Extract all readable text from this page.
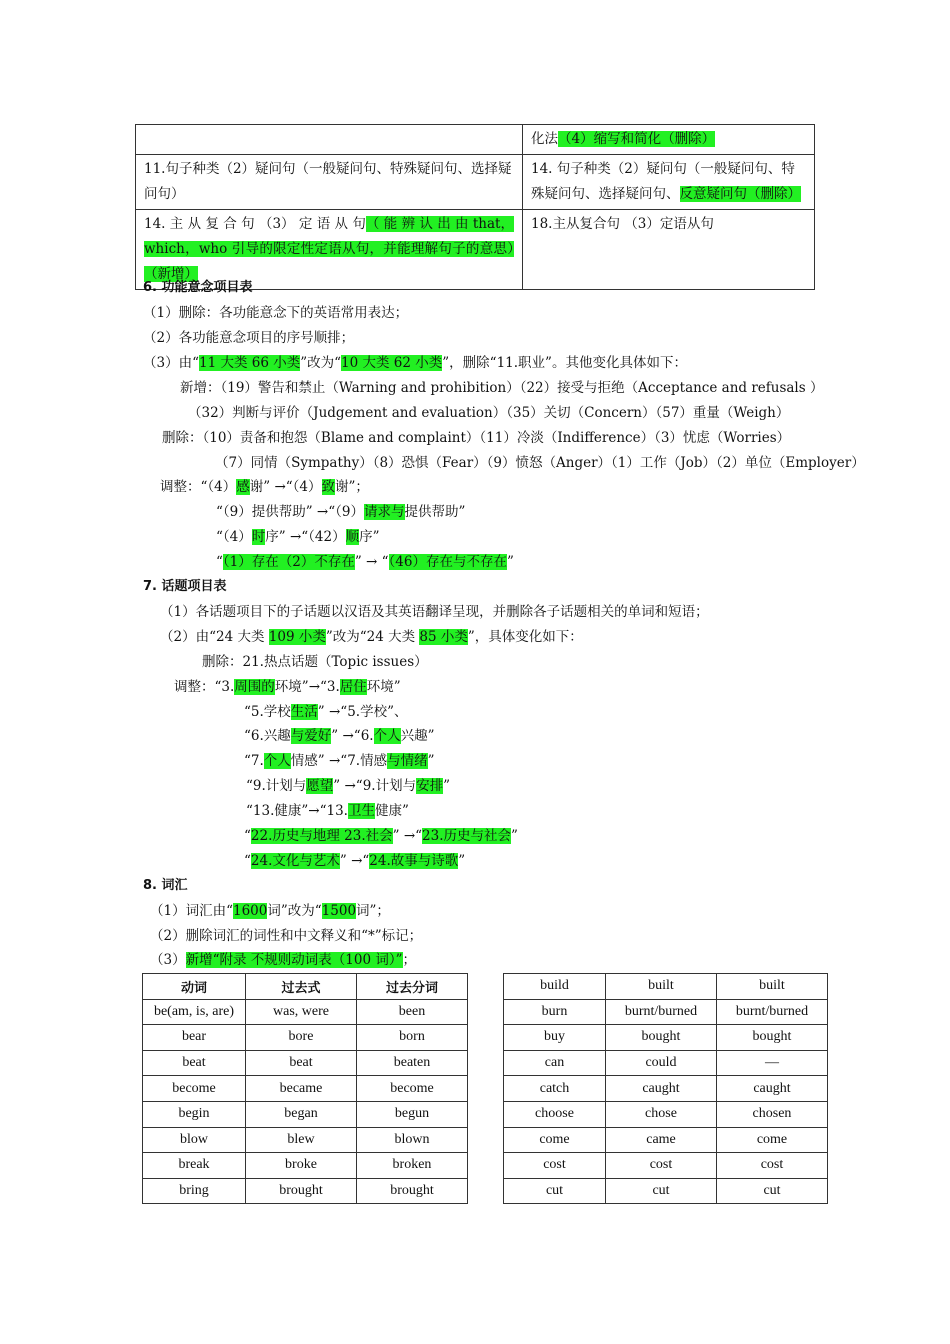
	化法（4）缩写和简化（删除）
11.句子种类（2）疑问句（一般疑问句、特殊疑问句、选择疑问句）	14. 句子种类（2）疑问句（一般疑问句、特殊疑问句、选择疑问句、反意疑问句（删除）
14. 主 从 复 合 句 （3） 定 语 从 句（ 能 辨 认 出 由 that，which，who 引导的限定性定语从句，并能理解句子的意思）（新增）	18.主从复合句 （3）定语从句
6. 功能意念项目表
（1）删除：各功能意念下的英语常用表达；
（2）各功能意念项目的序号顺排；
（3）由“11 大类 66 小类”改为“10 大类 62 小类”，删除“11.职业”。其他变化具体如下：
新增：（19）警告和禁止（Warning and prohibition）（22）接受与拒绝（Acceptance and refusals ）
（32）判断与评价（Judgement and evaluation）（35）关切（Concern）（57）重量（Weigh）
删除：（10）责备和抱怨（Blame and complaint）（11）冷淡（Indifference）（3）忧虑（Worries）
（7）同情（Sympathy）（8）恐惧（Fear）（9）愤怒（Anger）（1）工作（Job）（2）单位（Employer）
调整：“（4）感谢” →“（4）致谢”；
“（9）提供帮助” →“（9）请求与提供帮助”
“（4）时序” →“（42）顺序”
“（1）存在（2）不存在” → “（46）存在与不存在”
7. 话题项目表
（1）各话题项目下的子话题以汉语及其英语翻译呈现，并删除各子话题相关的单词和短语；
（2）由“24 大类 109 小类”改为“24 大类 85 小类”，具体变化如下：
删除：21.热点话题（Topic issues）
调整：“3.周围的环境”→“3.居住环境”
“5.学校生活” →“5.学校”、
“6.兴趣与爱好” →“6.个人兴趣”
“7.个人情感” →“7.情感与情绪”
“9.计划与愿望” →“9.计划与安排”
“13.健康”→“13.卫生健康”
“22.历史与地理 23.社会” →“23.历史与社会”
“24.文化与艺术” →“24.故事与诗歌”
8. 词汇
（1）词汇由“1600词”改为“1500词”；
（2）删除词汇的词性和中文释义和“*”标记；
（3）新增“附录 不规则动词表（100 词）”；
动词	过去式	过去分词
be(am, is, are)	was, were	been
bear	bore	born
beat	beat	beaten
become	became	become
begin	began	begun
blow	blew	blown
break	broke	broken
bring	brought	brought
build	built	built
burn	burnt/burned	burnt/burned
buy	bought	bought
can	could	—
catch	caught	caught
choose	chose	chosen
come	came	come
cost	cost	cost
cut	cut	cut
